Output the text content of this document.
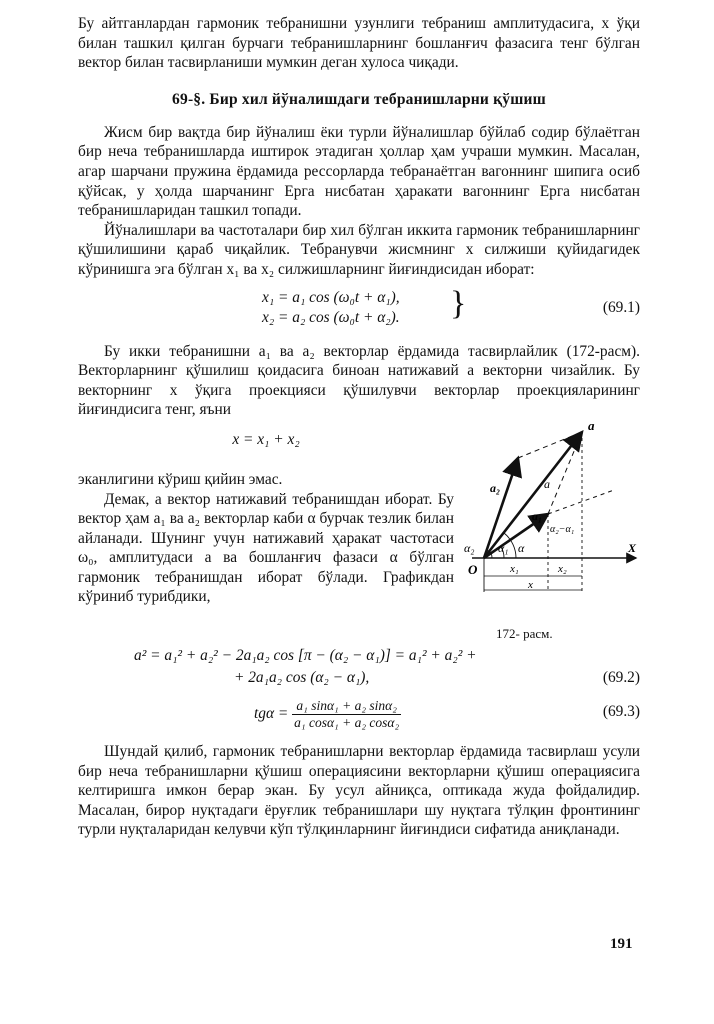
Бу айтганлардан гармоник тебранишни узунлиги тебраниш амплитудасига, x ўқи билан ташкил қилган бурчаги тебранишларнинг бошланғич фазасига тенг бўлган вектор билан тасвирланиши мумкин деган хулоса чиқади.

69-§. Бир хил йўналишдаги тебранишларни қўшиш

Жисм бир вақтда бир йўналиш ёки турли йўналишлар бўйлаб содир бўлаётган бир неча тебранишларда иштирок этадиган ҳоллар ҳам учраши мумкин. Масалан, агар шарчани пружина ёрдамида рессорларда тебранаётган вагоннинг шипига осиб қўйсак, у ҳолда шарчанинг Ерга нисбатан ҳаракати вагоннинг Ерга нисбатан тебранишларидан ташкил топади.

Йўналишлари ва частоталари бир хил бўлган иккита гармоник тебранишларнинг қўшилишини қараб чиқайлик. Тебранувчи жисмнинг x силжиши қуйидагидек кўринишга эга бўлган x₁ ва x₂ силжишларнинг йиғиндисидан иборат:

x₁ = a₁ cos (ω₀t + α₁),
x₂ = a₂ cos (ω₀t + α₂). }	(69.1)

Бу икки тебранишни a₁ ва a₂ векторлар ёрдамида тасвирлайлик (172-расм). Векторларнинг қўшилиш қоидасига биноан натижавий а векторни чизайлик. Бу векторнинг x ўқига проекцияси қўшилувчи векторлар проекцияларининг йиғиндисига тенг, яъни

x = x₁ + x₂

эканлигини кўриш қийин эмас.

Демак, а вектор натижавий тебранишдан иборат. Бу вектор ҳам a₁ ва a₂ векторлар каби α бурчак тезлик билан айланади. Шунинг учун натижавий ҳаракат частотаси ω₀, амплитудаси a ва бошланғич фазаси α бўлган гармоник тебранишдан иборат бўлади. Графикдан кўриниб турибдики,

a
a₂	a
a₁
α₂−α₁
α₂ α₁ α
O
X
x₁	x₂
x
172- расм.
a² = a₁² + a₂² − 2a₁a₂ cos [π − (α₂ − α₁)] = a₁² + a₂² +
+ 2a₁a₂ cos (α₂ − α₁),	(69.2)
$tg\alpha = \frac{\text{a₁ sinα₁ + a₂ sinα₂}}{\text{a₁ cosα₁ + a₂ cosα₂}}$	(69.3)

Шундай қилиб, гармоник тебранишларни векторлар ёрдамида тасвирлаш усули бир неча тебранишларни қўшиш операциясини векторларни қўшиш операциясига келтиришга имкон берар экан. Бу усул айниқса, оптикада жуда фойдалидир. Масалан, бирор нуқтадаги ёруғлик тебранишлари шу нуқтага тўлқин фронтининг турли нуқталаридан келувчи кўп тўлқинларнинг йиғиндиси сифатида аниқланади.

191
